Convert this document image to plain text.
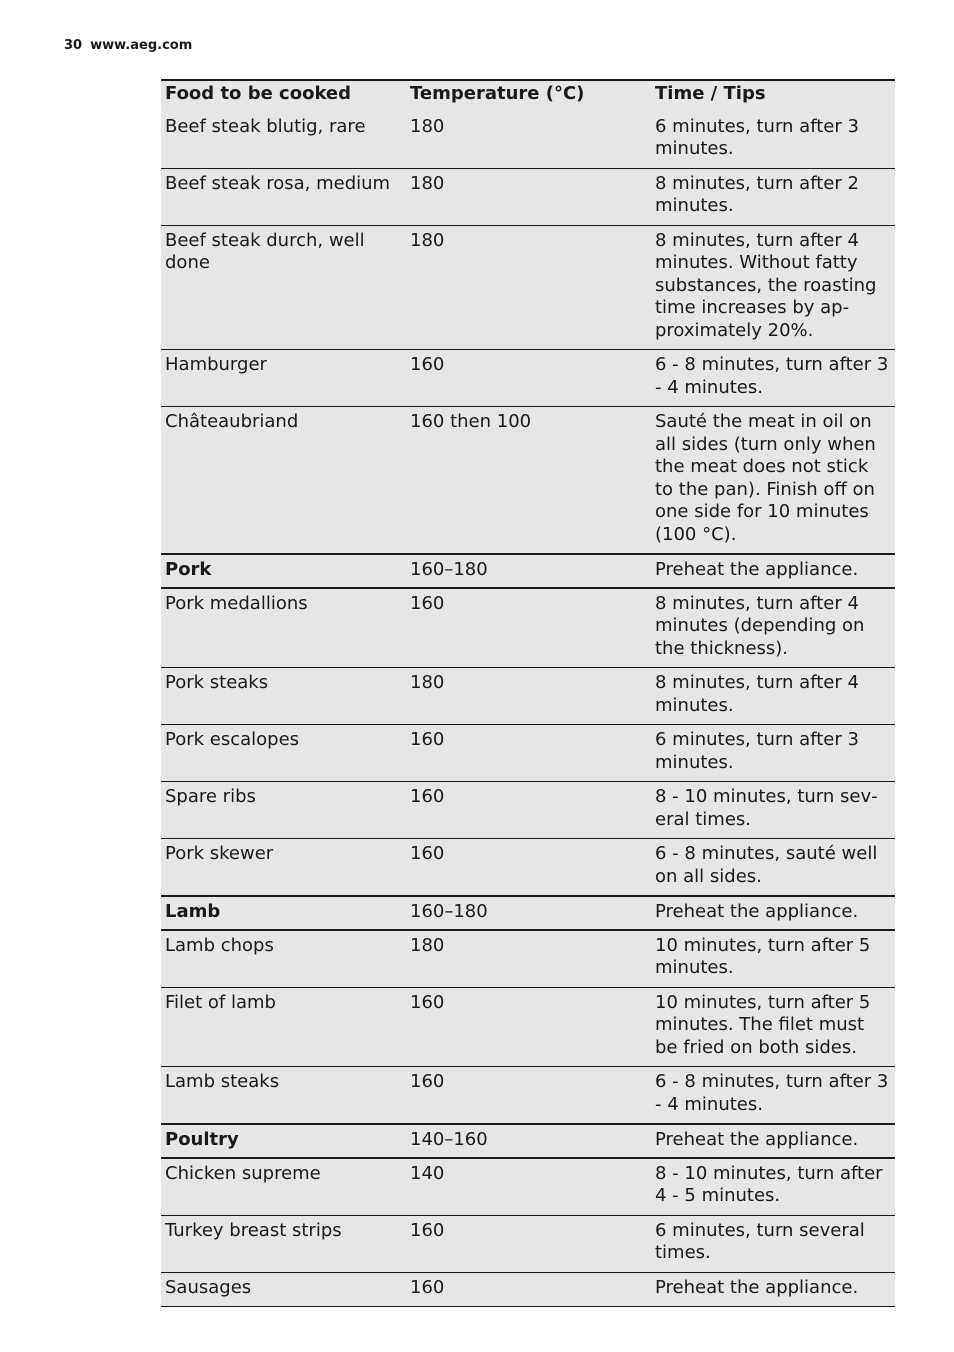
30 www.aeg.com
Food to be cooked	Temperature (°C)	Time / Tips
Beef steak blutig, rare	180	6 minutes, turn after 3 minutes.
Beef steak rosa, medium	180	8 minutes, turn after 2 minutes.
Beef steak durch, well done	180	8 minutes, turn after 4 minutes. Without fatty substances, the roasting time increases by approximately 20%.
Hamburger	160	6 - 8 minutes, turn after 3 - 4 minutes.
Châteaubriand	160 then 100	Sauté the meat in oil on all sides (turn only when the meat does not stick to the pan). Finish off on one side for 10 minutes (100 °C).
Pork	160–180	Preheat the appliance.
Pork medallions	160	8 minutes, turn after 4 minutes (depending on the thickness).
Pork steaks	180	8 minutes, turn after 4 minutes.
Pork escalopes	160	6 minutes, turn after 3 minutes.
Spare ribs	160	8 - 10 minutes, turn several times.
Pork skewer	160	6 - 8 minutes, sauté well on all sides.
Lamb	160–180	Preheat the appliance.
Lamb chops	180	10 minutes, turn after 5 minutes.
Filet of lamb	160	10 minutes, turn after 5 minutes. The filet must be fried on both sides.
Lamb steaks	160	6 - 8 minutes, turn after 3 - 4 minutes.
Poultry	140–160	Preheat the appliance.
Chicken supreme	140	8 - 10 minutes, turn after 4 - 5 minutes.
Turkey breast strips	160	6 minutes, turn several times.
Sausages	160	Preheat the appliance.
